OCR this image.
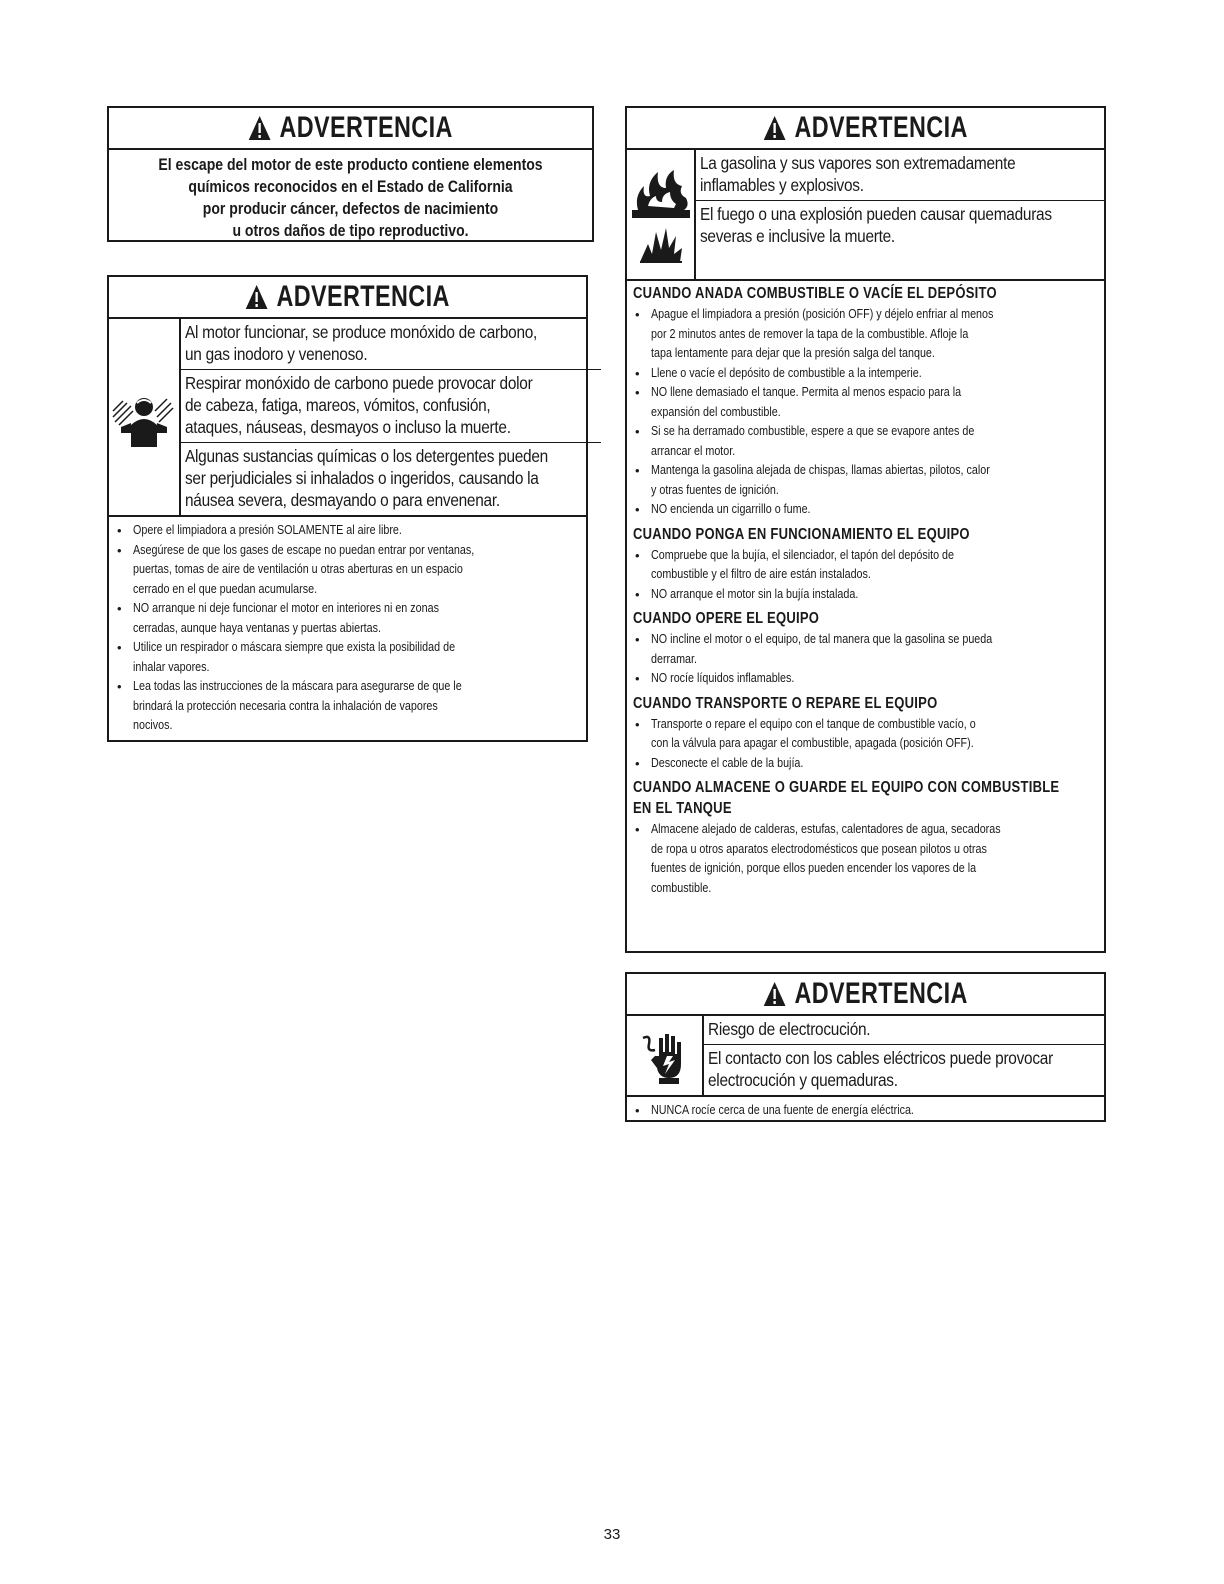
ADVERTENCIA
El escape del motor de este producto contiene elementos
químicos reconocidos en el Estado de California
por producir cáncer, defectos de nacimiento
u otros daños de tipo reproductivo.
ADVERTENCIA
Al motor funcionar, se produce monóxido de carbono,
un gas inodoro y venenoso.
Respirar monóxido de carbono puede provocar dolor
de cabeza, fatiga, mareos, vómitos, confusión,
ataques, náuseas, desmayos o incluso la muerte.
Algunas sustancias químicas o los detergentes pueden
ser perjudiciales si inhalados o ingeridos, causando la
náusea severa, desmayando o para envenenar.
• Opere el limpiadora a presión SOLAMENTE al aire libre.
• Asegúrese de que los gases de escape no puedan entrar por ventanas,
puertas, tomas de aire de ventilación u otras aberturas en un espacio
cerrado en el que puedan acumularse.
• NO arranque ni deje funcionar el motor en interiores ni en zonas
cerradas, aunque haya ventanas y puertas abiertas.
• Utilice un respirador o máscara siempre que exista la posibilidad de
inhalar vapores.
• Lea todas las instrucciones de la máscara para asegurarse de que le
brindará la protección necesaria contra la inhalación de vapores
nocivos.
ADVERTENCIA
La gasolina y sus vapores son extremadamente
inflamables y explosivos.
El fuego o una explosión pueden causar quemaduras
severas e inclusive la muerte.
CUANDO ANADA COMBUSTIBLE O VACÍE EL DEPÓSITO
• Apague el limpiadora a presión (posición OFF) y déjelo enfriar al menos
por 2 minutos antes de remover la tapa de la combustible. Afloje la
tapa lentamente para dejar que la presión salga del tanque.
• Llene o vacíe el depósito de combustible a la intemperie.
• NO llene demasiado el tanque. Permita al menos espacio para la
expansión del combustible.
• Si se ha derramado combustible, espere a que se evapore antes de
arrancar el motor.
• Mantenga la gasolina alejada de chispas, llamas abiertas, pilotos, calor
y otras fuentes de ignición.
• NO encienda un cigarrillo o fume.
CUANDO PONGA EN FUNCIONAMIENTO EL EQUIPO
• Compruebe que la bujía, el silenciador, el tapón del depósito de
combustible y el filtro de aire están instalados.
• NO arranque el motor sin la bujía instalada.
CUANDO OPERE EL EQUIPO
• NO incline el motor o el equipo, de tal manera que la gasolina se pueda
derramar.
• NO rocíe líquidos inflamables.
CUANDO TRANSPORTE O REPARE EL EQUIPO
• Transporte o repare el equipo con el tanque de combustible vacío, o
con la válvula para apagar el combustible, apagada (posición OFF).
• Desconecte el cable de la bujía.
CUANDO ALMACENE O GUARDE EL EQUIPO CON COMBUSTIBLE
EN EL TANQUE
• Almacene alejado de calderas, estufas, calentadores de agua, secadoras
de ropa u otros aparatos electrodomésticos que posean pilotos u otras
fuentes de ignición, porque ellos pueden encender los vapores de la
combustible.
ADVERTENCIA
Riesgo de electrocución.
El contacto con los cables eléctricos puede provocar
electrocución y quemaduras.
• NUNCA rocíe cerca de una fuente de energía eléctrica.
33
